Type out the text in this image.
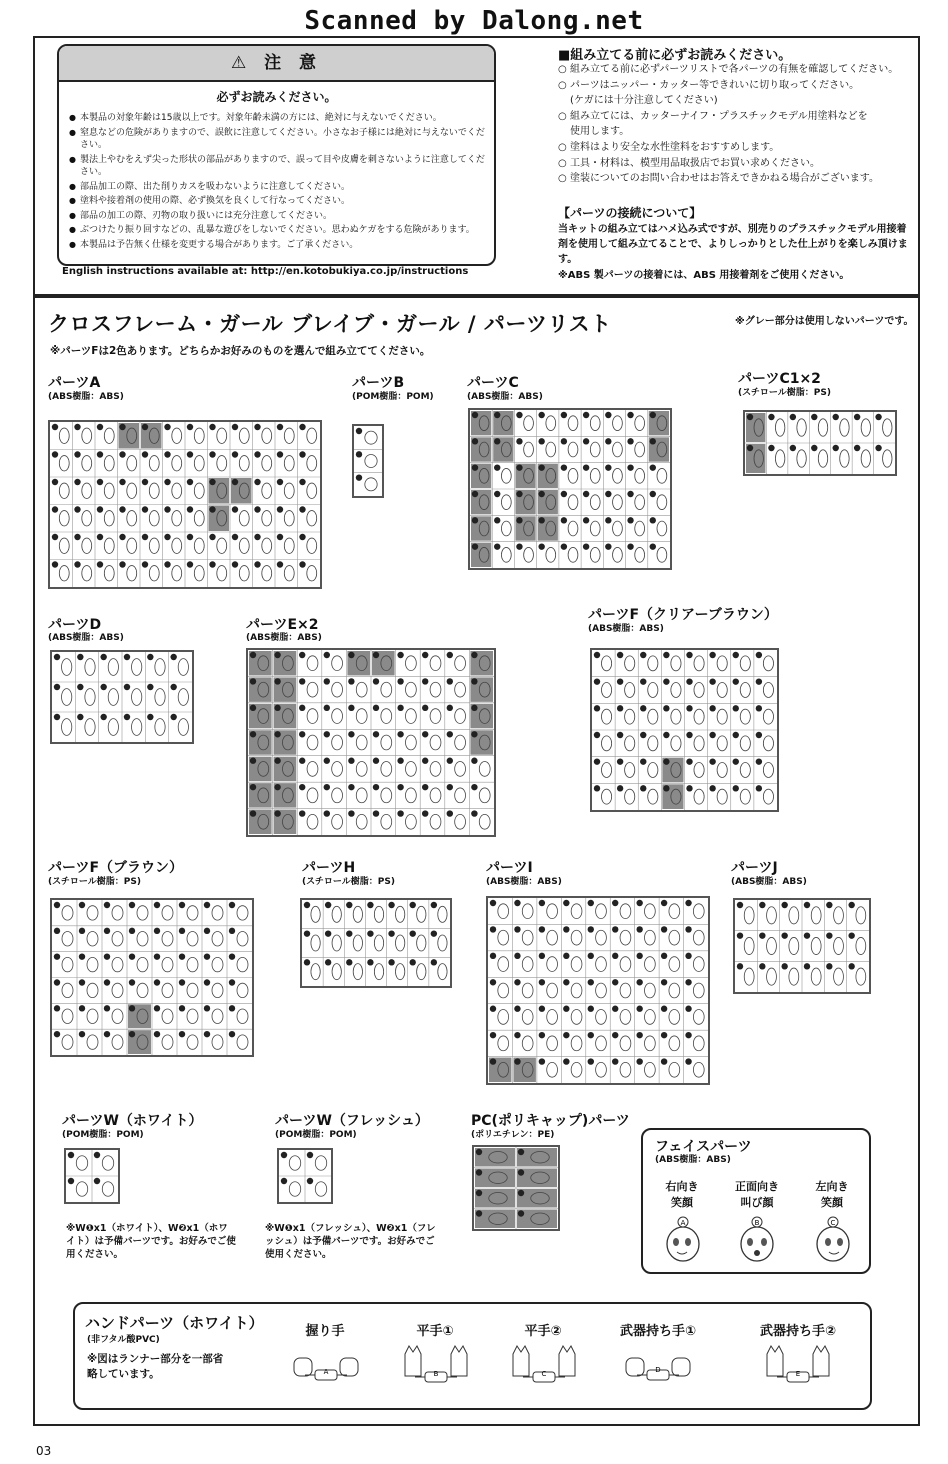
Scanned by Dalong.net
⚠ 注 意
必ずお読みください。
● 本製品の対象年齢は15歳以上です。対象年齢未満の方には、絶対に与えないでください。
● 窒息などの危険がありますので、誤飲に注意してください。小さなお子様には絶対に与えないでください。
● 製法上やむをえず尖った形状の部品がありますので、誤って目や皮膚を刺さないように注意してください。
● 部品加工の際、出た削りカスを吸わないように注意してください。
● 塗料や接着剤の使用の際、必ず換気を良くして行なってください。
● 部品の加工の際、刃物の取り扱いには充分注意してください。
● ぶつけたり振り回すなどの、乱暴な遊びをしないでください。思わぬケガをする危険があります。
● 本製品は予告無く仕様を変更する場合があります。ご了承ください。
English instructions available at: http://en.kotobukiya.co.jp/instructions
■組み立てる前に必ずお読みください。
○ 組み立てる前に必ずパーツリストで各パーツの有無を確認してください。
○ パーツはニッパー・カッター等できれいに切り取ってください。
(ケガには十分注意してください)
○ 組み立てには、カッターナイフ・プラスチックモデル用塗料などを
使用します。
○ 塗料はより安全な水性塗料をおすすめします。
○ 工具・材料は、模型用品取扱店でお買い求めください。
○ 塗装についてのお問い合わせはお答えできかねる場合がございます。
【パーツの接続について】
当キットの組み立てはハメ込み式ですが、別売りのプラスチックモデル用接着剤を使用して組み立てることで、よりしっかりとした仕上がりを楽しみ頂けます。
※ABS 製パーツの接着には、ABS 用接着剤をご使用ください。
クロスフレーム・ガール ブレイブ・ガール / パーツリスト
※パーツFは2色あります。どちらかお好みのものを選んで組み立ててください。
※グレー部分は使用しないパーツです。
パーツA
(ABS樹脂：ABS)
パーツB
(POM樹脂：POM)
パーツC
(ABS樹脂：ABS)
パーツC1×2
(スチロール樹脂：PS)
パーツD
(ABS樹脂：ABS)
パーツE×2
(ABS樹脂：ABS)
パーツF（クリアーブラウン）
(ABS樹脂：ABS)
パーツF（ブラウン）
(スチロール樹脂：PS)
パーツH
(スチロール樹脂：PS)
パーツI
(ABS樹脂：ABS)
パーツJ
(ABS樹脂：ABS)
パーツW（ホワイト）
(POM樹脂：POM)
パーツW（フレッシュ）
(POM樹脂：POM)
PC(ポリキャップ)パーツ
(ポリエチレン：PE)
※W❶x1（ホワイト）、W❷x1（ホワイト）は予備パーツです。お好みでご使用ください。
※W❶x1（フレッシュ）、W❷x1（フレッシュ）は予備パーツです。お好みでご使用ください。
フェイスパーツ
(ABS樹脂：ABS)
右向き
笑顔
正面向き
叫び顔
左向き
笑顔
A	B	C
ハンドパーツ（ホワイト）
(非フタル酸PVC)
※図はランナー部分を一部省略しています。
握り手	平手①	平手②	武器持ち手①	武器持ち手②
A	B	C	D	E
03
